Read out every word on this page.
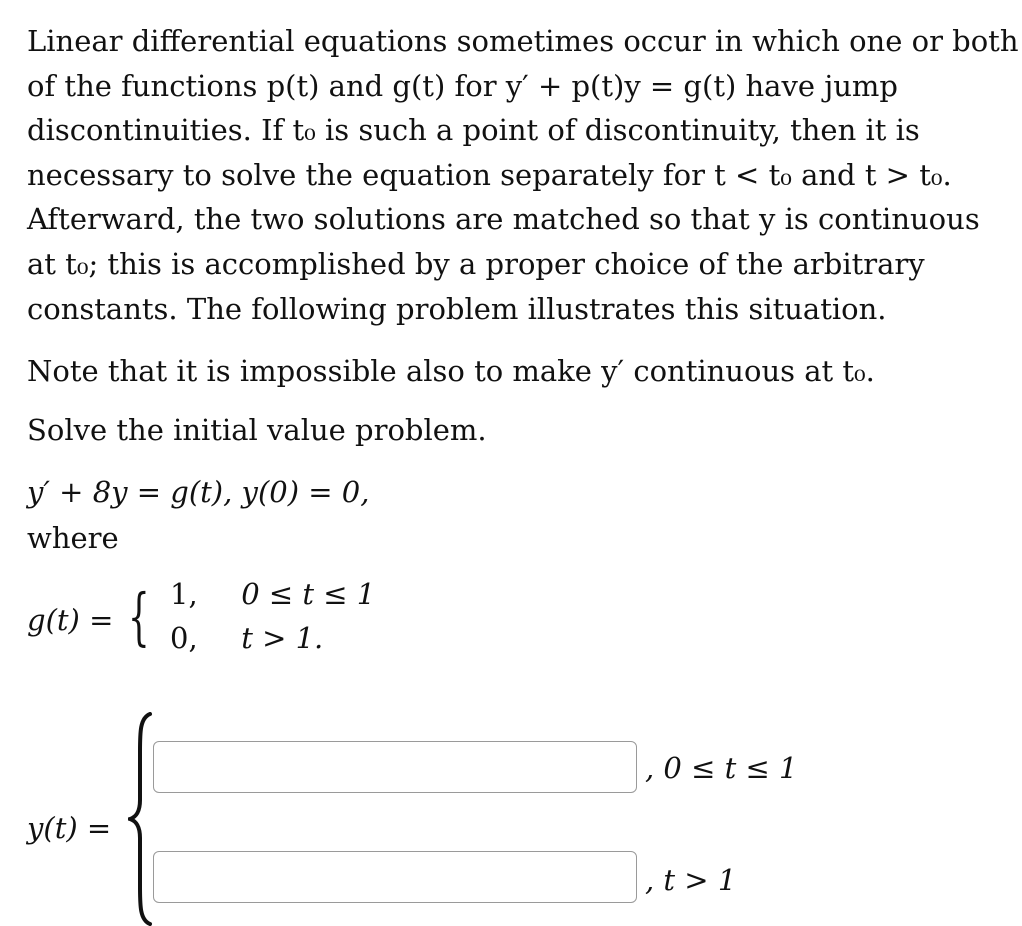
Linear differential equations sometimes occur in which one or both
of the functions p(t) and g(t) for y′ + p(t)y = g(t) have jump
discontinuities. If t₀ is such a point of discontinuity, then it is
necessary to solve the equation separately for t < t₀ and t > t₀.
Afterward, the two solutions are matched so that y is continuous
at t₀; this is accomplished by a proper choice of the arbitrary
constants. The following problem illustrates this situation.
Note that it is impossible also to make y′ continuous at t₀.
Solve the initial value problem.
y′ + 8y = g(t), y(0) = 0,
where
g(t) = { 1, 0 ≤ t ≤ 1
0, t > 1.
y(t) =
, 0 ≤ t ≤ 1
, t > 1
